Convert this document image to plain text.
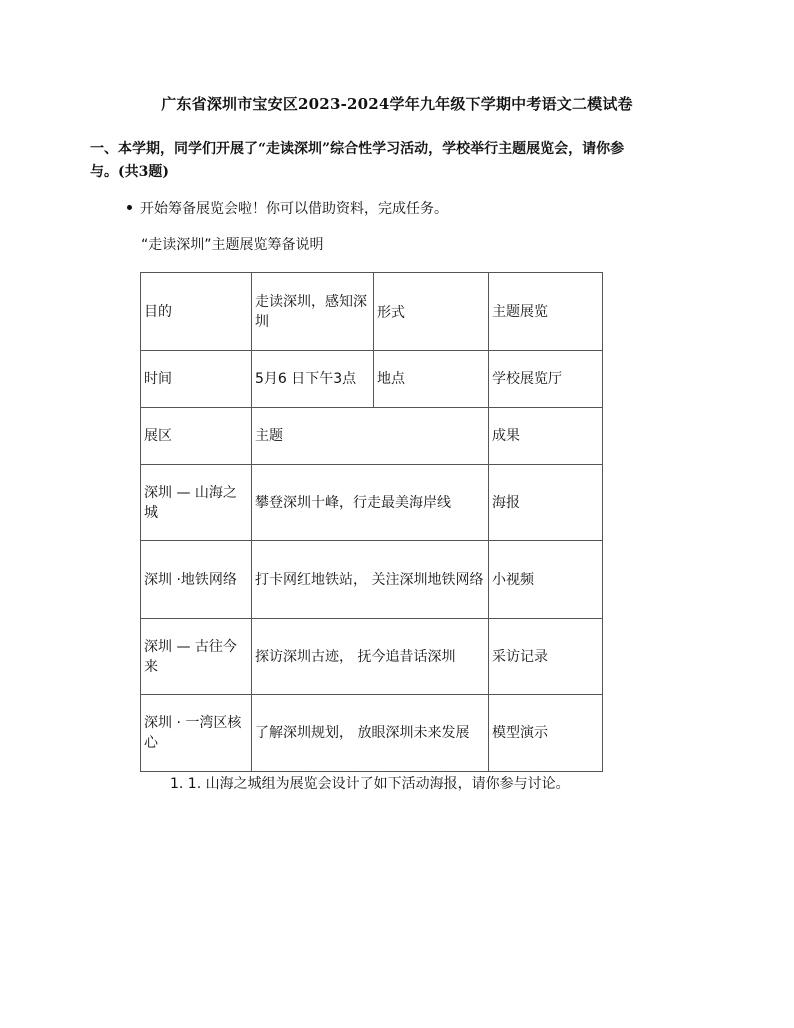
广东省深圳市宝安区2023-2024学年九年级下学期中考语文二模试卷
一、本学期，同学们开展了“走读深圳”综合性学习活动，学校举行主题展览会，请你参
与。(共3题)
开始筹备展览会啦！你可以借助资料，完成任务。
“走读深圳”主题展览筹备说明
目的	走读深圳，感知深圳	形式	主题展览
时间	5月6 日下午3点	地点	学校展览厅
展区	主题		成果
深圳 — 山海之城	攀登深圳十峰，行走最美海岸线		海报
深圳 ·地铁网络	打卡网红地铁站， 关注深圳地铁网络		小视频
深圳 — 古往今来	探访深圳古迹， 抚今追昔话深圳		采访记录
深圳 · 一湾区核心	了解深圳规划， 放眼深圳未来发展		模型演示
1. 1. 山海之城组为展览会设计了如下活动海报，请你参与讨论。
